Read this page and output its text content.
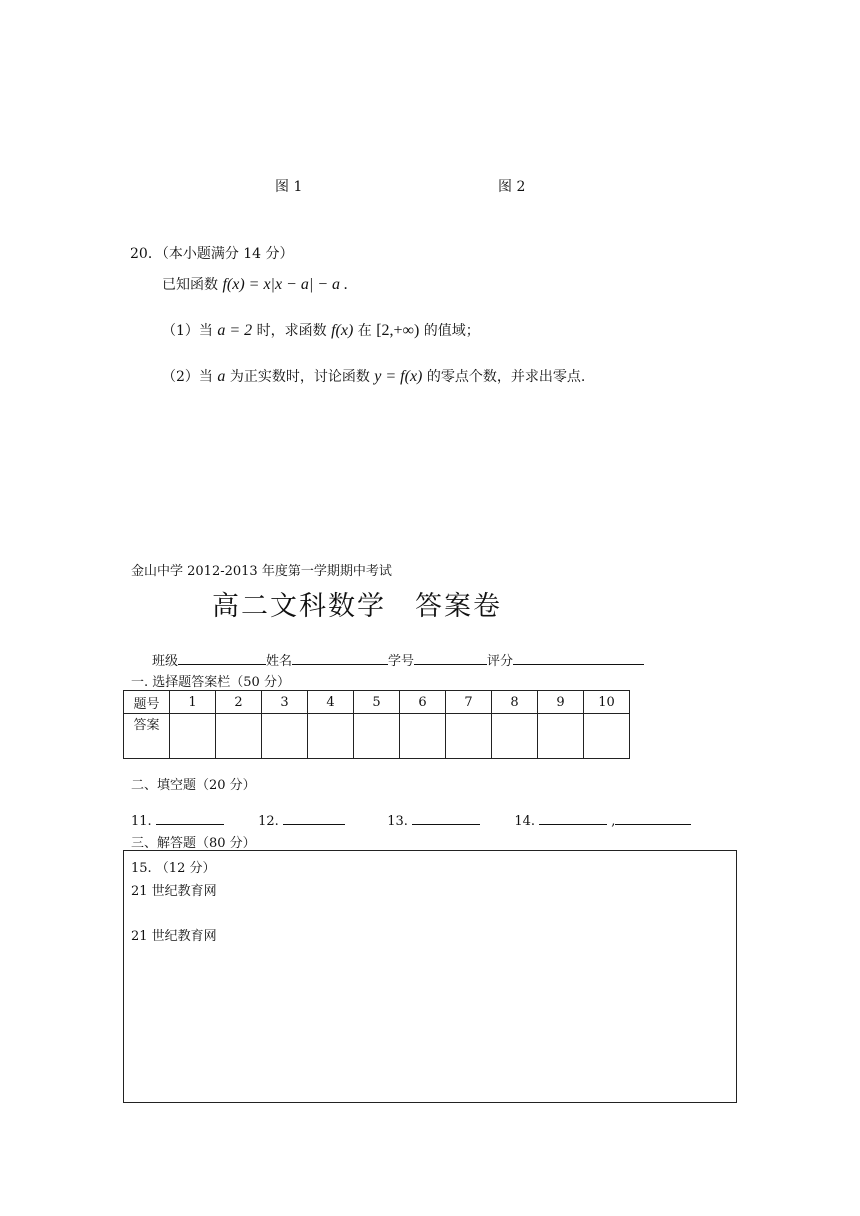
图 1	图 2
20．（本小题满分 14 分）
已知函数 f(x) = x|x − a| − a .
（1）当 a = 2 时，求函数 f(x) 在 [2,+∞) 的值域；
（2）当 a 为正实数时，讨论函数 y = f(x) 的零点个数，并求出零点.
金山中学 2012-2013 年度第一学期期中考试
高二文科数学　答案卷
班级	姓名	学号	评分
一. 选择题答案栏（50 分）
题号	1	2	3	4	5	6	7	8	9	10
答案										
二、填空题（20 分）
11.	12.	13.	14.	,
三、解答题（80 分）
15. （12 分）
21 世纪教育网
21 世纪教育网
